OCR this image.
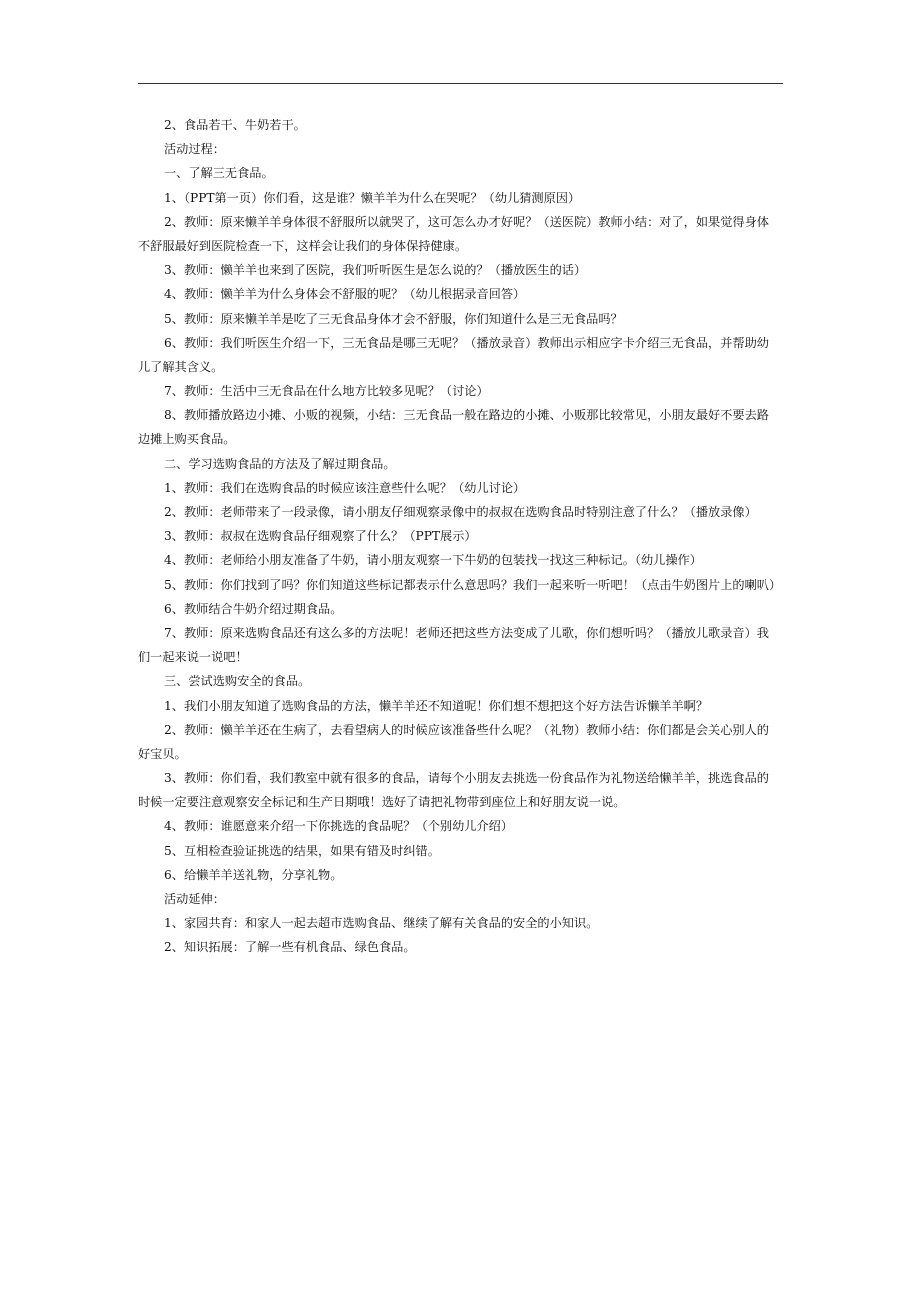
2、食品若干、牛奶若干。
活动过程：
一、了解三无食品。
1、（PPT第一页）你们看，这是谁？懒羊羊为什么在哭呢？（幼儿猜测原因）
2、教师：原来懒羊羊身体很不舒服所以就哭了，这可怎么办才好呢？（送医院）教师小结：对了，如果觉得身体
不舒服最好到医院检查一下，这样会让我们的身体保持健康。
3、教师：懒羊羊也来到了医院，我们听听医生是怎么说的？（播放医生的话）
4、教师：懒羊羊为什么身体会不舒服的呢？（幼儿根据录音回答）
5、教师：原来懒羊羊是吃了三无食品身体才会不舒服，你们知道什么是三无食品吗？
6、教师：我们听医生介绍一下，三无食品是哪三无呢？（播放录音）教师出示相应字卡介绍三无食品，并帮助幼
儿了解其含义。
7、教师：生活中三无食品在什么地方比较多见呢？（讨论）
8、教师播放路边小摊、小贩的视频，小结：三无食品一般在路边的小摊、小贩那比较常见，小朋友最好不要去路
边摊上购买食品。
二、学习选购食品的方法及了解过期食品。
1、教师：我们在选购食品的时候应该注意些什么呢？（幼儿讨论）
2、教师：老师带来了一段录像，请小朋友仔细观察录像中的叔叔在选购食品时特别注意了什么？（播放录像）
3、教师：叔叔在选购食品仔细观察了什么？（PPT展示）
4、教师：老师给小朋友准备了牛奶，请小朋友观察一下牛奶的包装找一找这三种标记。（幼儿操作）
5、教师：你们找到了吗？你们知道这些标记都表示什么意思吗？我们一起来听一听吧！（点击牛奶图片上的喇叭）
6、教师结合牛奶介绍过期食品。
7、教师：原来选购食品还有这么多的方法呢！老师还把这些方法变成了儿歌，你们想听吗？（播放儿歌录音）我
们一起来说一说吧！
三、尝试选购安全的食品。
1、我们小朋友知道了选购食品的方法，懒羊羊还不知道呢！你们想不想把这个好方法告诉懒羊羊啊？
2、教师：懒羊羊还在生病了，去看望病人的时候应该准备些什么呢？（礼物）教师小结：你们都是会关心别人的
好宝贝。
3、教师：你们看，我们教室中就有很多的食品，请每个小朋友去挑选一份食品作为礼物送给懒羊羊，挑选食品的
时候一定要注意观察安全标记和生产日期哦！选好了请把礼物带到座位上和好朋友说一说。
4、教师：谁愿意来介绍一下你挑选的食品呢？（个别幼儿介绍）
5、互相检查验证挑选的结果，如果有错及时纠错。
6、给懒羊羊送礼物，分享礼物。
活动延伸：
1、家园共育：和家人一起去超市选购食品、继续了解有关食品的安全的小知识。
2、知识拓展：了解一些有机食品、绿色食品。
